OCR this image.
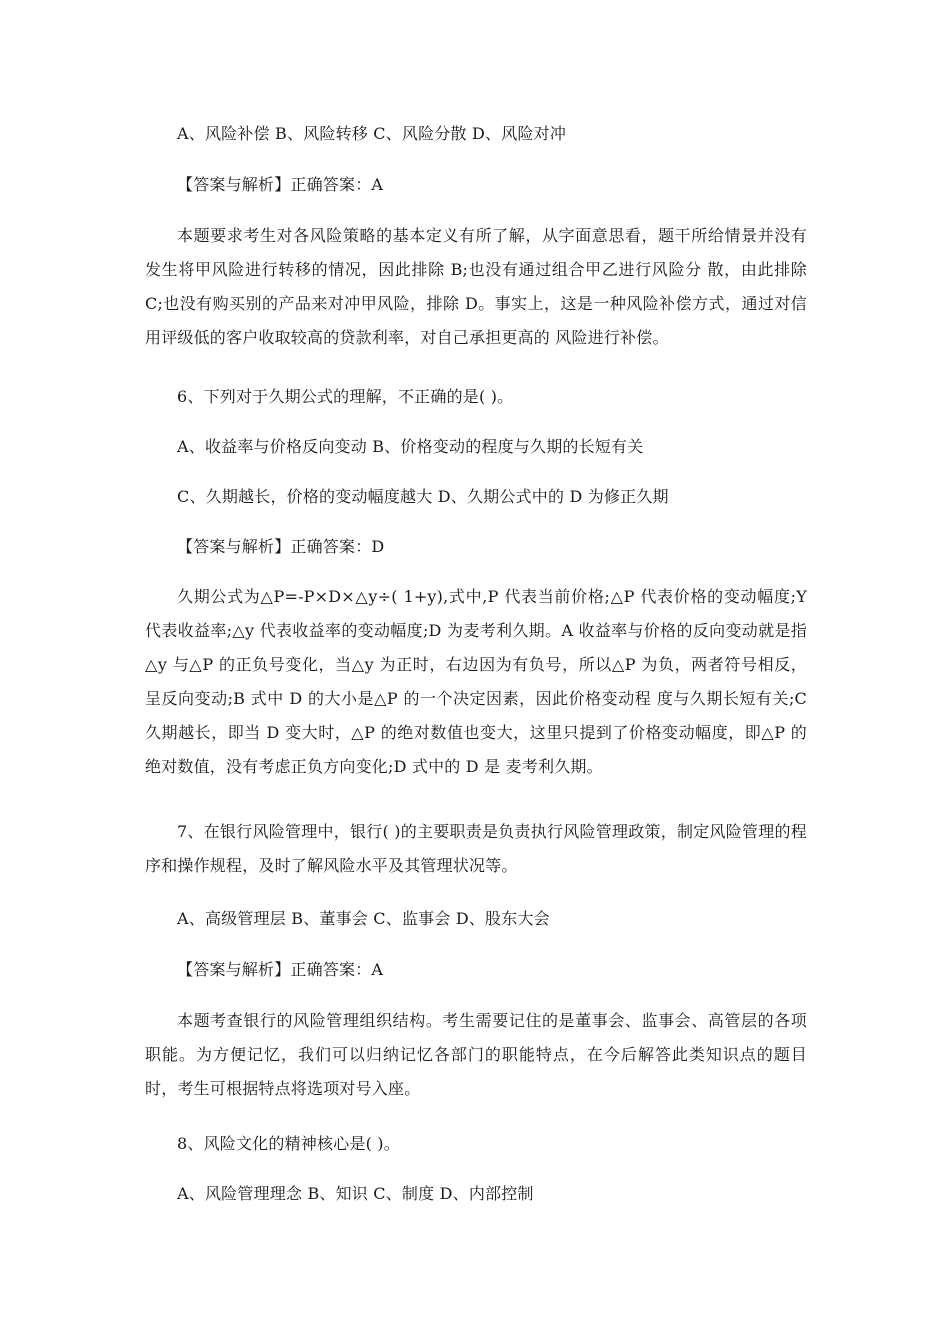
A、风险补偿 B、风险转移 C、风险分散 D、风险对冲

【答案与解析】正确答案：A

本题要求考生对各风险策略的基本定义有所了解，从字面意思看，题干所给情景并没有发生将甲风险进行转移的情况，因此排除 B;也没有通过组合甲乙进行风险分 散，由此排除 C;也没有购买别的产品来对冲甲风险，排除 D。事实上，这是一种风险补偿方式，通过对信用评级低的客户收取较高的贷款利率，对自己承担更高的 风险进行补偿。

6、下列对于久期公式的理解，不正确的是( )。

A、收益率与价格反向变动 B、价格变动的程度与久期的长短有关

C、久期越长，价格的变动幅度越大 D、久期公式中的 D 为修正久期

【答案与解析】正确答案：D

久期公式为△P=-P×D×△y÷( 1+y),式中,P 代表当前价格;△P 代表价格的变动幅度;Y 代表收益率;△y 代表收益率的变动幅度;D 为麦考利久期。A 收益率与价格的反向变动就是指 △y 与△P 的正负号变化，当△y 为正时，右边因为有负号，所以△P 为负，两者符号相反，呈反向变动;B 式中 D 的大小是△P 的一个决定因素，因此价格变动程 度与久期长短有关;C 久期越长，即当 D 变大时，△P 的绝对数值也变大，这里只提到了价格变动幅度，即△P 的绝对数值，没有考虑正负方向变化;D 式中的 D 是 麦考利久期。

7、在银行风险管理中，银行( )的主要职责是负责执行风险管理政策，制定风险管理的程序和操作规程，及时了解风险水平及其管理状况等。

A、高级管理层 B、董事会 C、监事会 D、股东大会

【答案与解析】正确答案：A

本题考查银行的风险管理组织结构。考生需要记住的是董事会、监事会、高管层的各项职能。为方便记忆，我们可以归纳记忆各部门的职能特点，在今后解答此类知识点的题目时，考生可根据特点将选项对号入座。

8、风险文化的精神核心是( )。

A、风险管理理念 B、知识 C、制度 D、内部控制
